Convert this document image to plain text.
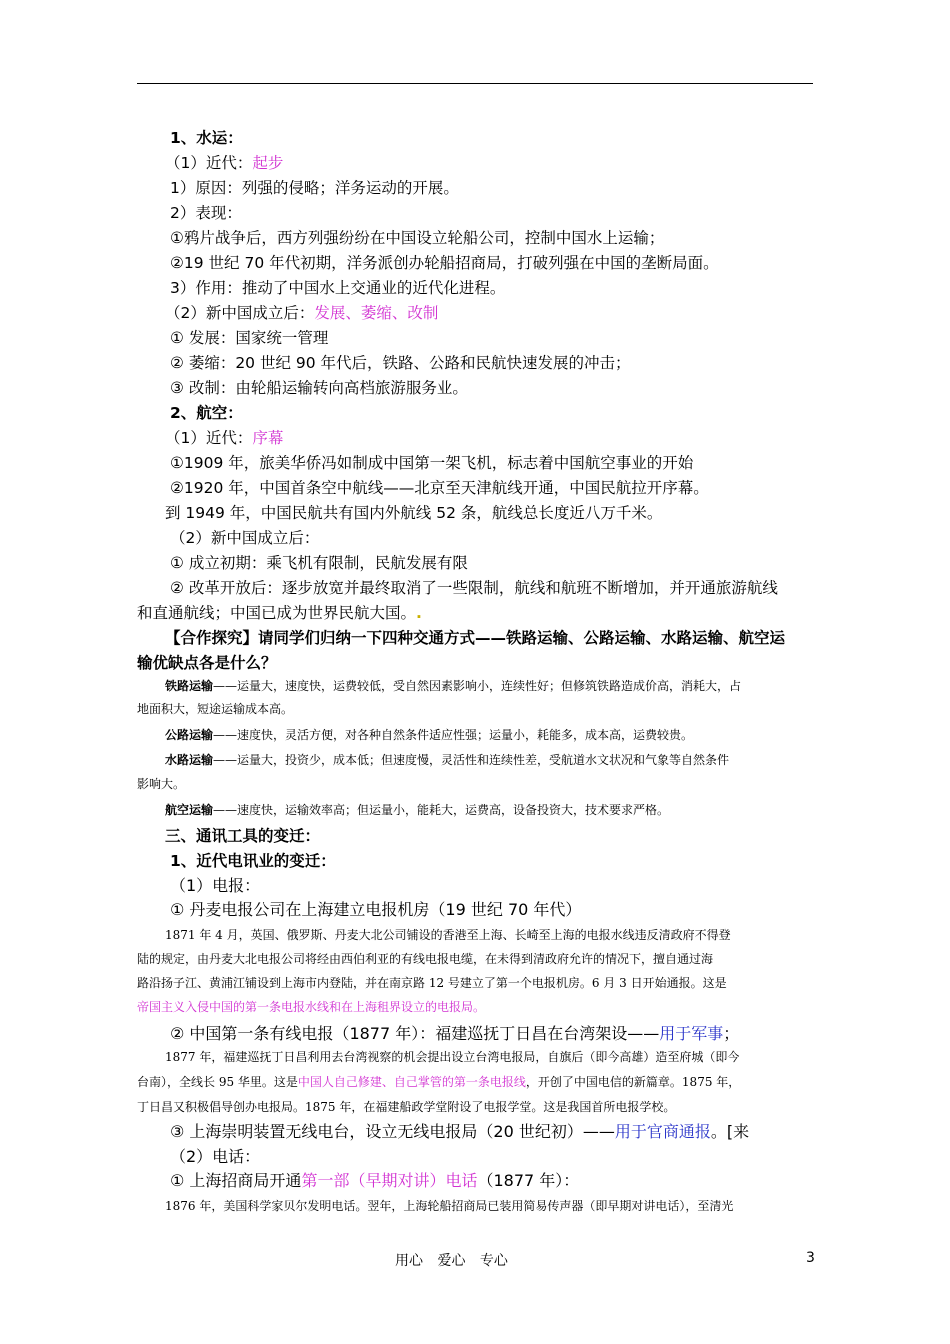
1、水运：
（1）近代：起步
1）原因：列强的侵略；洋务运动的开展。
2）表现：
①鸦片战争后，西方列强纷纷在中国设立轮船公司，控制中国水上运输；
②19 世纪 70 年代初期，洋务派创办轮船招商局，打破列强在中国的垄断局面。
3）作用：推动了中国水上交通业的近代化进程。
（2）新中国成立后：发展、萎缩、改制
① 发展：国家统一管理
② 萎缩：20 世纪 90 年代后，铁路、公路和民航快速发展的冲击；
③ 改制：由轮船运输转向高档旅游服务业。
2、航空：
（1）近代：序幕
①1909 年，旅美华侨冯如制成中国第一架飞机，标志着中国航空事业的开始
②1920 年，中国首条空中航线——北京至天津航线开通，中国民航拉开序幕。
到 1949 年，中国民航共有国内外航线 52 条，航线总长度近八万千米。
（2）新中国成立后：
① 成立初期：乘飞机有限制，民航发展有限
② 改革开放后：逐步放宽并最终取消了一些限制，航线和航班不断增加，并开通旅游航线
和直通航线；中国已成为世界民航大国。.
【合作探究】请同学们归纳一下四种交通方式——铁路运输、公路运输、水路运输、航空运
输优缺点各是什么？
铁路运输——运量大，速度快，运费较低，受自然因素影响小，连续性好；但修筑铁路造成价高，消耗大，占
地面积大，短途运输成本高。
公路运输——速度快，灵活方便，对各种自然条件适应性强；运量小，耗能多，成本高，运费较贵。
水路运输——运量大，投资少，成本低；但速度慢，灵活性和连续性差，受航道水文状况和气象等自然条件
影响大。
航空运输——速度快，运输效率高；但运量小，能耗大，运费高，设备投资大，技术要求严格。
三、通讯工具的变迁：
1、近代电讯业的变迁：
（1）电报：
① 丹麦电报公司在上海建立电报机房（19 世纪 70 年代）
1871 年 4 月，英国、俄罗斯、丹麦大北公司铺设的香港至上海、长崎至上海的电报水线违反清政府不得登
陆的规定，由丹麦大北电报公司将经由西伯利亚的有线电报电缆，在未得到清政府允许的情况下，擅自通过海
路沿扬子江、黄浦江铺设到上海市内登陆，并在南京路 12 号建立了第一个电报机房。6 月 3 日开始通报。这是
帝国主义入侵中国的第一条电报水线和在上海租界设立的电报局。
② 中国第一条有线电报（1877 年）：福建巡抚丁日昌在台湾架设——用于军事；
1877 年，福建巡抚丁日昌利用去台湾视察的机会提出设立台湾电报局，自旗后（即今高雄）造至府城（即今
台南），全线长 95 华里。这是中国人自己修建、自己掌管的第一条电报线，开创了中国电信的新篇章。1875 年，
丁日昌又积极倡导创办电报局。1875 年，在福建船政学堂附设了电报学堂。这是我国首所电报学校。
③ 上海崇明装置无线电台，设立无线电报局（20 世纪初）——用于官商通报。[来
（2）电话：
① 上海招商局开通第一部（早期对讲）电话（1877 年）：
1876 年，美国科学家贝尔发明电话。翌年，上海轮船招商局已装用简易传声器（即早期对讲电话），至清光
用心 爱心 专心	3
